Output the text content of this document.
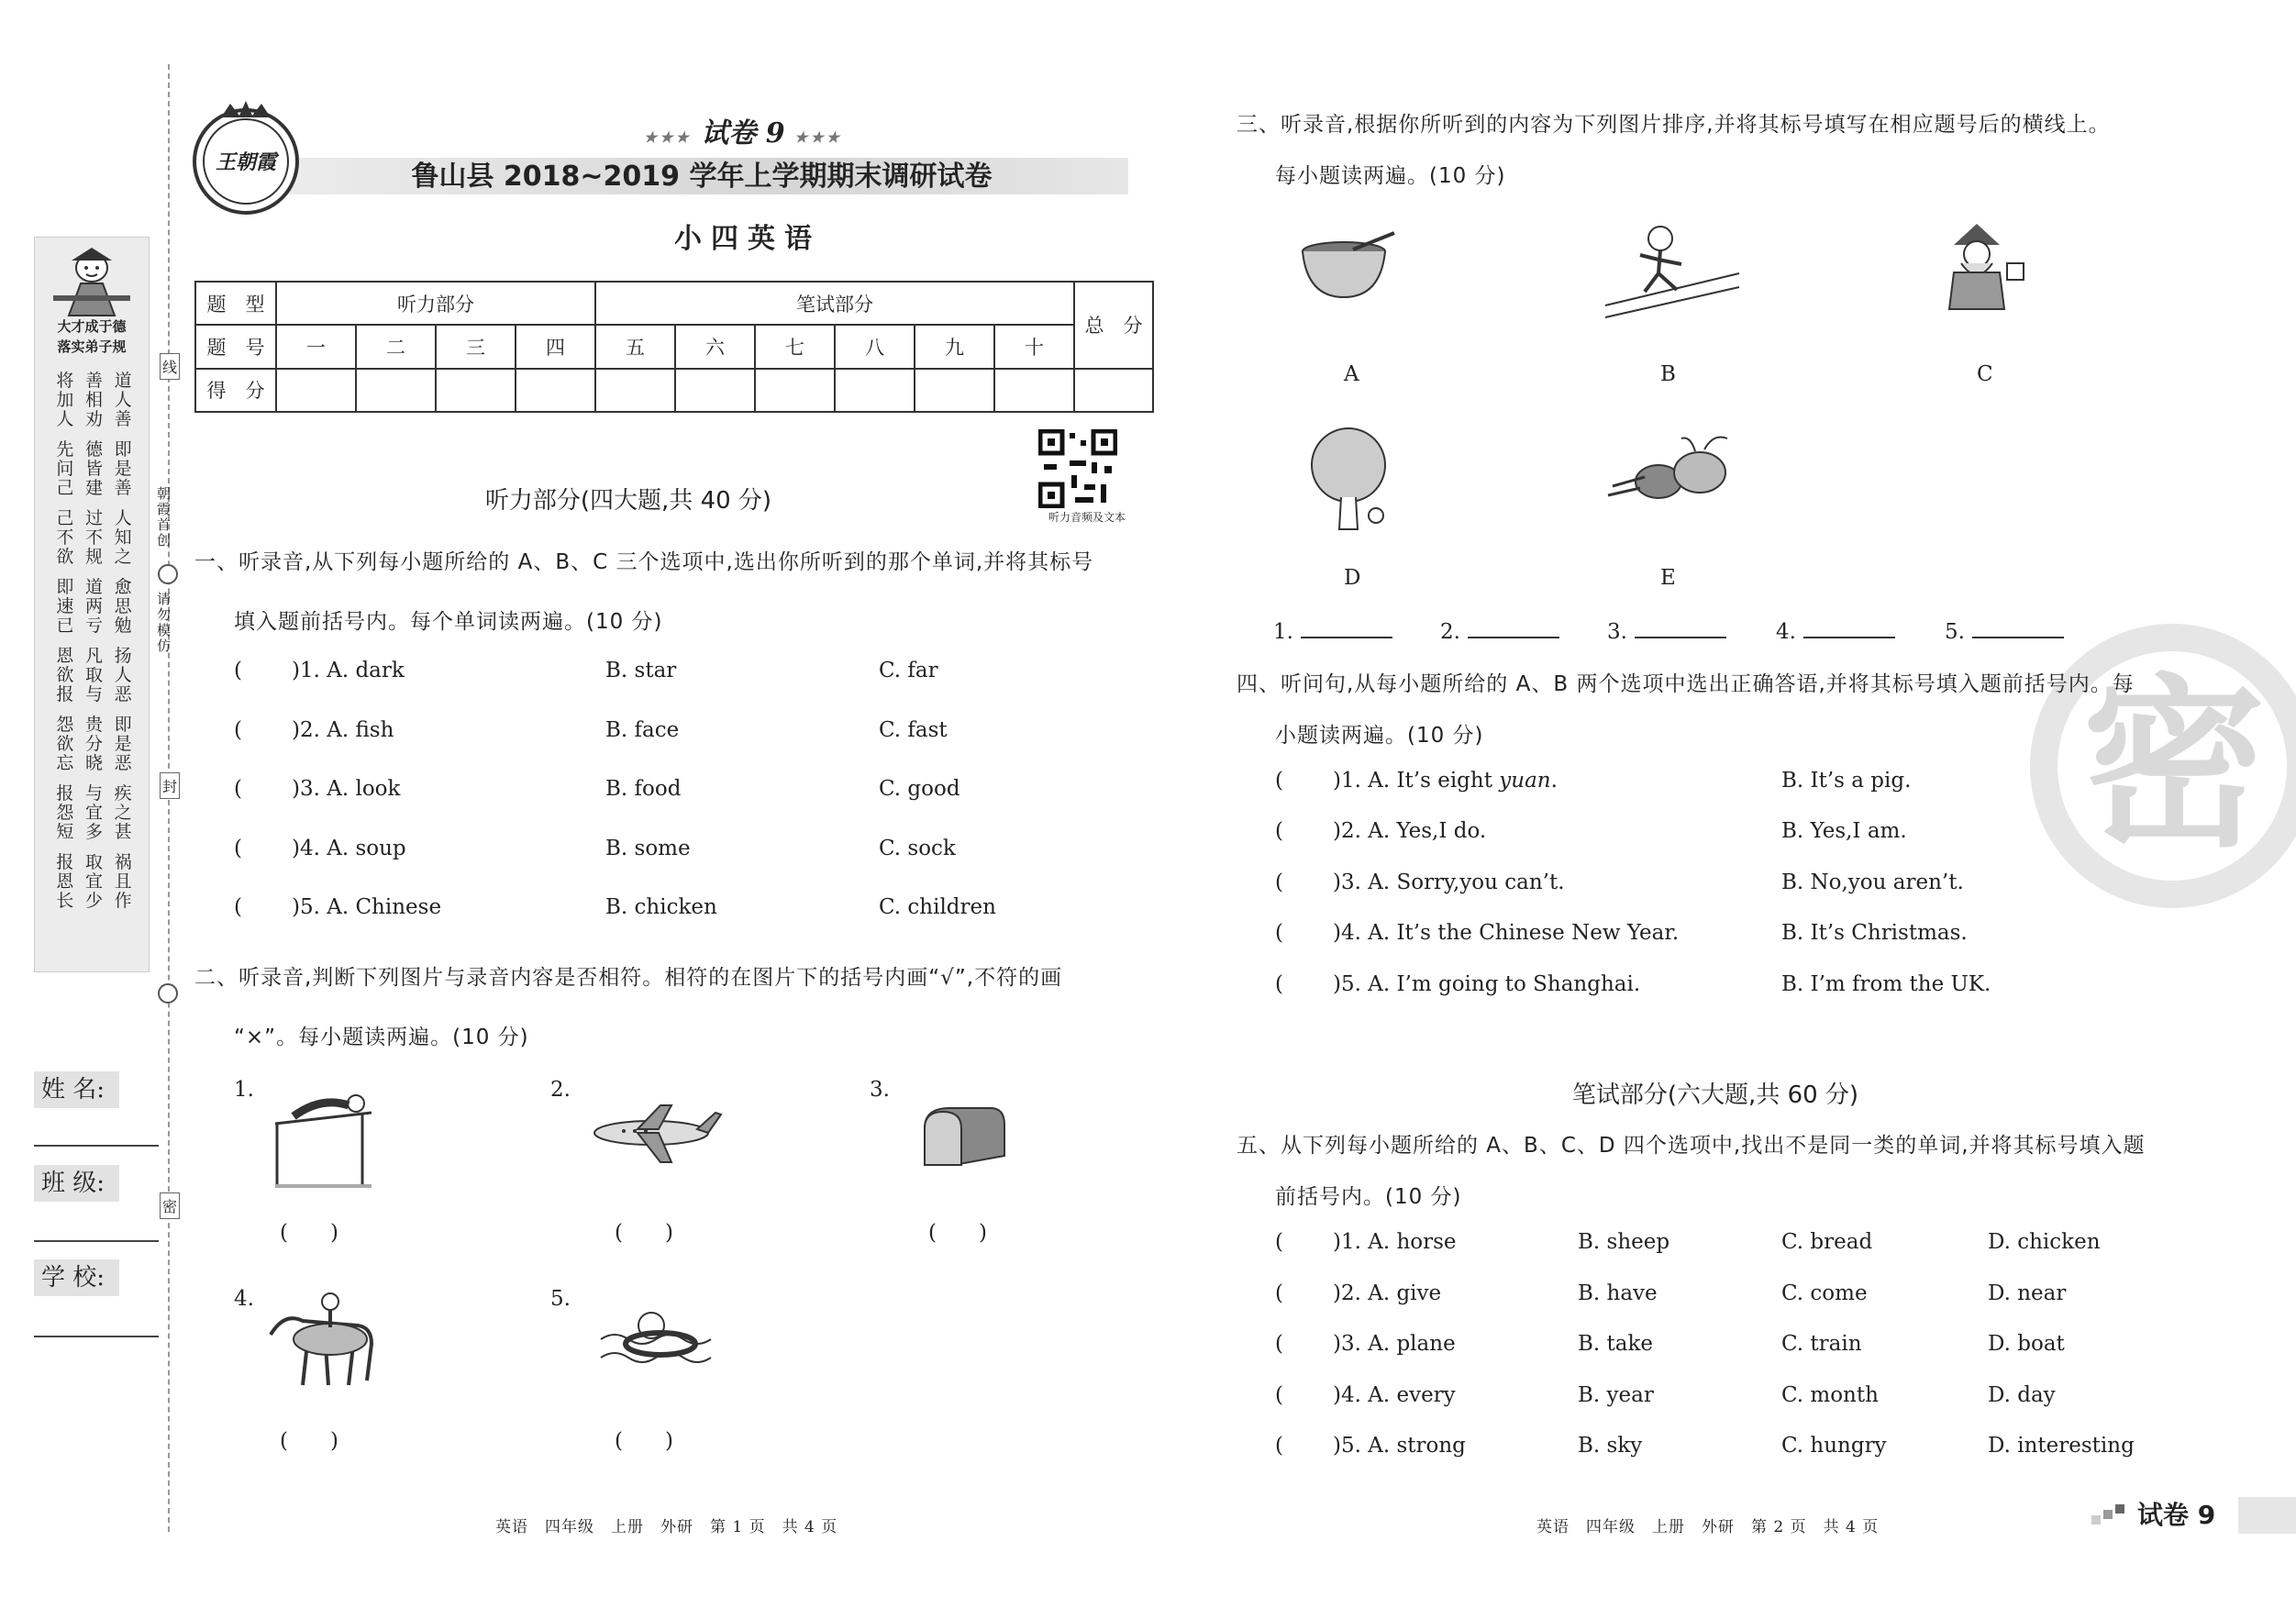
大才成于德
落实弟子规
将
加
人
善
相
劝
道
人
善
先
问
己
德
皆
建
即
是
善
己
不
欲
过
不
规
人
知
之
即
速
已
道
两
亏
愈
思
勉
恩
欲
报
凡
取
与
扬
人
恶
怨
欲
忘
贵
分
晓
即
是
恶
报
怨
短
与
宜
多
疾
之
甚
报
恩
长
取
宜
少
祸
且
作
朝霞首创
请勿模仿
线
封
密
姓 名:
班 级:
学 校:
王朝霞
★★★ 试卷 9 ★★★
鲁山县 2018~2019 学年上学期期末调研试卷
小四英语
题　型	听力部分				笔试部分						总　分
题　号	一	二	三	四	五	六	七	八	九	十	
得　分											
听力音频及文本
听力部分(四大题,共 40 分)
一、听录音,从下列每小题所给的 A、B、C 三个选项中,选出你所听到的那个单词,并将其标号
填入题前括号内。每个单词读两遍。(10 分)
( )1. A. dark	B. star	C. far
( )2. A. fish	B. face	C. fast
( )3. A. look	B. food	C. good
( )4. A. soup	B. some	C. sock
( )5. A. Chinese	B. chicken	C. children
二、听录音,判断下列图片与录音内容是否相符。相符的在图片下的括号内画“√”,不符的画
“×”。每小题读两遍。(10 分)
1.
(　　)
2.
(　　)
3.
(　　)
4.
(　　)
5.
(　　)
英语　四年级　上册　外研　第 1 页　共 4 页
密
三、听录音,根据你所听到的内容为下列图片排序,并将其标号填写在相应题号后的横线上。
每小题读两遍。(10 分)
A	B	C
D	E
1.	2.	3.	4.	5.
四、听问句,从每小题所给的 A、B 两个选项中选出正确答语,并将其标号填入题前括号内。每
小题读两遍。(10 分)
( )1. A. It’s eight yuan.	B. It’s a pig.
( )2. A. Yes,I do.	B. Yes,I am.
( )3. A. Sorry,you can’t.	B. No,you aren’t.
( )4. A. It’s the Chinese New Year.	B. It’s Christmas.
( )5. A. I’m going to Shanghai.	B. I’m from the UK.
笔试部分(六大题,共 60 分)
五、从下列每小题所给的 A、B、C、D 四个选项中,找出不是同一类的单词,并将其标号填入题
前括号内。(10 分)
( )1. A. horse	B. sheep	C. bread	D. chicken
( )2. A. give	B. have	C. come	D. near
( )3. A. plane	B. take	C. train	D. boat
( )4. A. every	B. year	C. month	D. day
( )5. A. strong	B. sky	C. hungry	D. interesting
英语　四年级　上册　外研　第 2 页　共 4 页	试卷 9
